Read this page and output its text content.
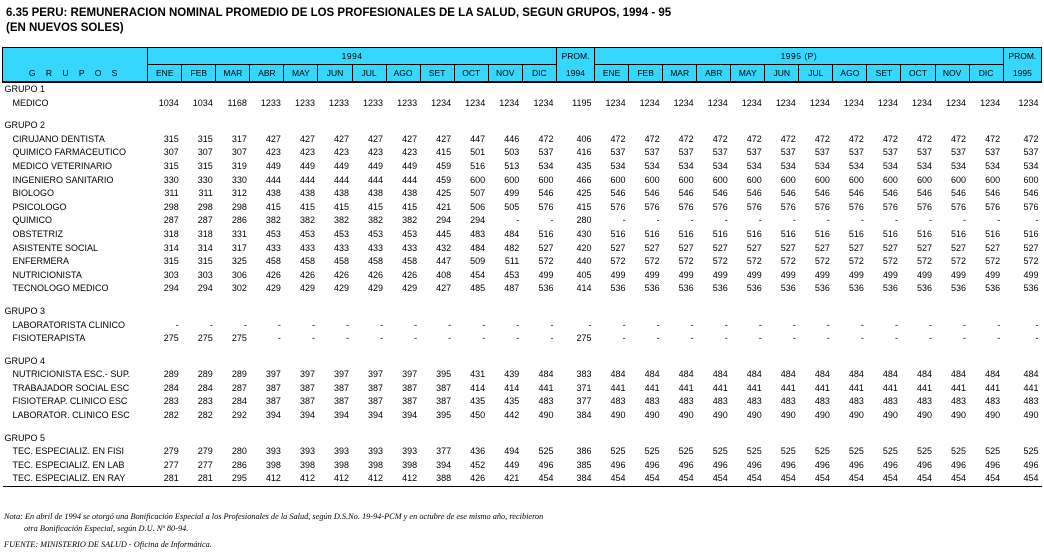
6.35 PERU: REMUNERACION NOMINAL PROMEDIO DE LOS PROFESIONALES DE LA SALUD, SEGUN GRUPOS, 1994 - 95
(EN NUEVOS SOLES)
	1994												PROM.	1995 (P)												PROM.
G R U P O S	ENE	FEB	MAR	ABR	MAY	JUN	JUL	AGO	SET	OCT	NOV	DIC	1994	ENE	FEB	MAR	ABR	MAY	JUN	JUL	AGO	SET	OCT	NOV	DIC	1995
GRUPO 1																										
MEDICO	1034	1034	1168	1233	1233	1233	1233	1233	1234	1234	1234	1234	1195	1234	1234	1234	1234	1234	1234	1234	1234	1234	1234	1234	1234	1234

GRUPO 2																										
CIRUJANO DENTISTA	315	315	317	427	427	427	427	427	427	447	446	472	406	472	472	472	472	472	472	472	472	472	472	472	472	472
QUIMICO FARMACEUTICO	307	307	307	423	423	423	423	423	415	501	503	537	416	537	537	537	537	537	537	537	537	537	537	537	537	537
MEDICO VETERINARIO	315	315	319	449	449	449	449	449	459	516	513	534	435	534	534	534	534	534	534	534	534	534	534	534	534	534
INGENIERO SANITARIO	330	330	330	444	444	444	444	444	459	600	600	600	466	600	600	600	600	600	600	600	600	600	600	600	600	600
BIOLOGO	311	311	312	438	438	438	438	438	425	507	499	546	425	546	546	546	546	546	546	546	546	546	546	546	546	546
PSICOLOGO	298	298	298	415	415	415	415	415	421	506	505	576	415	576	576	576	576	576	576	576	576	576	576	576	576	576
QUIMICO	287	287	286	382	382	382	382	382	294	294	-	-	280	-	-	-	-	-	-	-	-	-	-	-	-	-
OBSTETRIZ	318	318	331	453	453	453	453	453	445	483	484	516	430	516	516	516	516	516	516	516	516	516	516	516	516	516
ASISTENTE SOCIAL	314	314	317	433	433	433	433	433	432	484	482	527	420	527	527	527	527	527	527	527	527	527	527	527	527	527
ENFERMERA	315	315	325	458	458	458	458	458	447	509	511	572	440	572	572	572	572	572	572	572	572	572	572	572	572	572
NUTRICIONISTA	303	303	306	426	426	426	426	426	408	454	453	499	405	499	499	499	499	499	499	499	499	499	499	499	499	499
TECNOLOGO MEDICO	294	294	302	429	429	429	429	429	427	485	487	536	414	536	536	536	536	536	536	536	536	536	536	536	536	536

GRUPO 3																										
LABORATORISTA CLINICO	-	-	-	-	-	-	-	-	-	-	-	-	-	-	-	-	-	-	-	-	-	-	-	-	-	-
FISIOTERAPISTA	275	275	275	-	-	-	-	-	-	-	-	-	275	-	-	-	-	-	-	-	-	-	-	-	-	-

GRUPO 4																										
NUTRICIONISTA ESC.- SUP.	289	289	289	397	397	397	397	397	395	431	439	484	383	484	484	484	484	484	484	484	484	484	484	484	484	484
TRABAJADOR SOCIAL ESC	284	284	287	387	387	387	387	387	387	414	414	441	371	441	441	441	441	441	441	441	441	441	441	441	441	441
FISIOTERAP. CLINICO ESC	283	283	284	387	387	387	387	387	387	435	435	483	377	483	483	483	483	483	483	483	483	483	483	483	483	483
LABORATOR. CLINICO ESC	282	282	292	394	394	394	394	394	395	450	442	490	384	490	490	490	490	490	490	490	490	490	490	490	490	490

GRUPO 5																										
TEC. ESPECIALIZ. EN FISI	279	279	280	393	393	393	393	393	377	436	494	525	386	525	525	525	525	525	525	525	525	525	525	525	525	525
TEC. ESPECIALIZ. EN LAB	277	277	286	398	398	398	398	398	394	452	449	496	385	496	496	496	496	496	496	496	496	496	496	496	496	496
TEC. ESPECIALIZ. EN RAY	281	281	295	412	412	412	412	412	388	426	421	454	384	454	454	454	454	454	454	454	454	454	454	454	454	454
Nota: En abril de 1994 se otorgó una Bonificación Especial a los Profesionales de la Salud, según D.S.No. 19-94-PCM y en octubre de ese mismo año, recibieron
otra Bonificación Especial, según D.U. Nº 80-94.
FUENTE: MINISTERIO DE SALUD - Oficina de Informática.
